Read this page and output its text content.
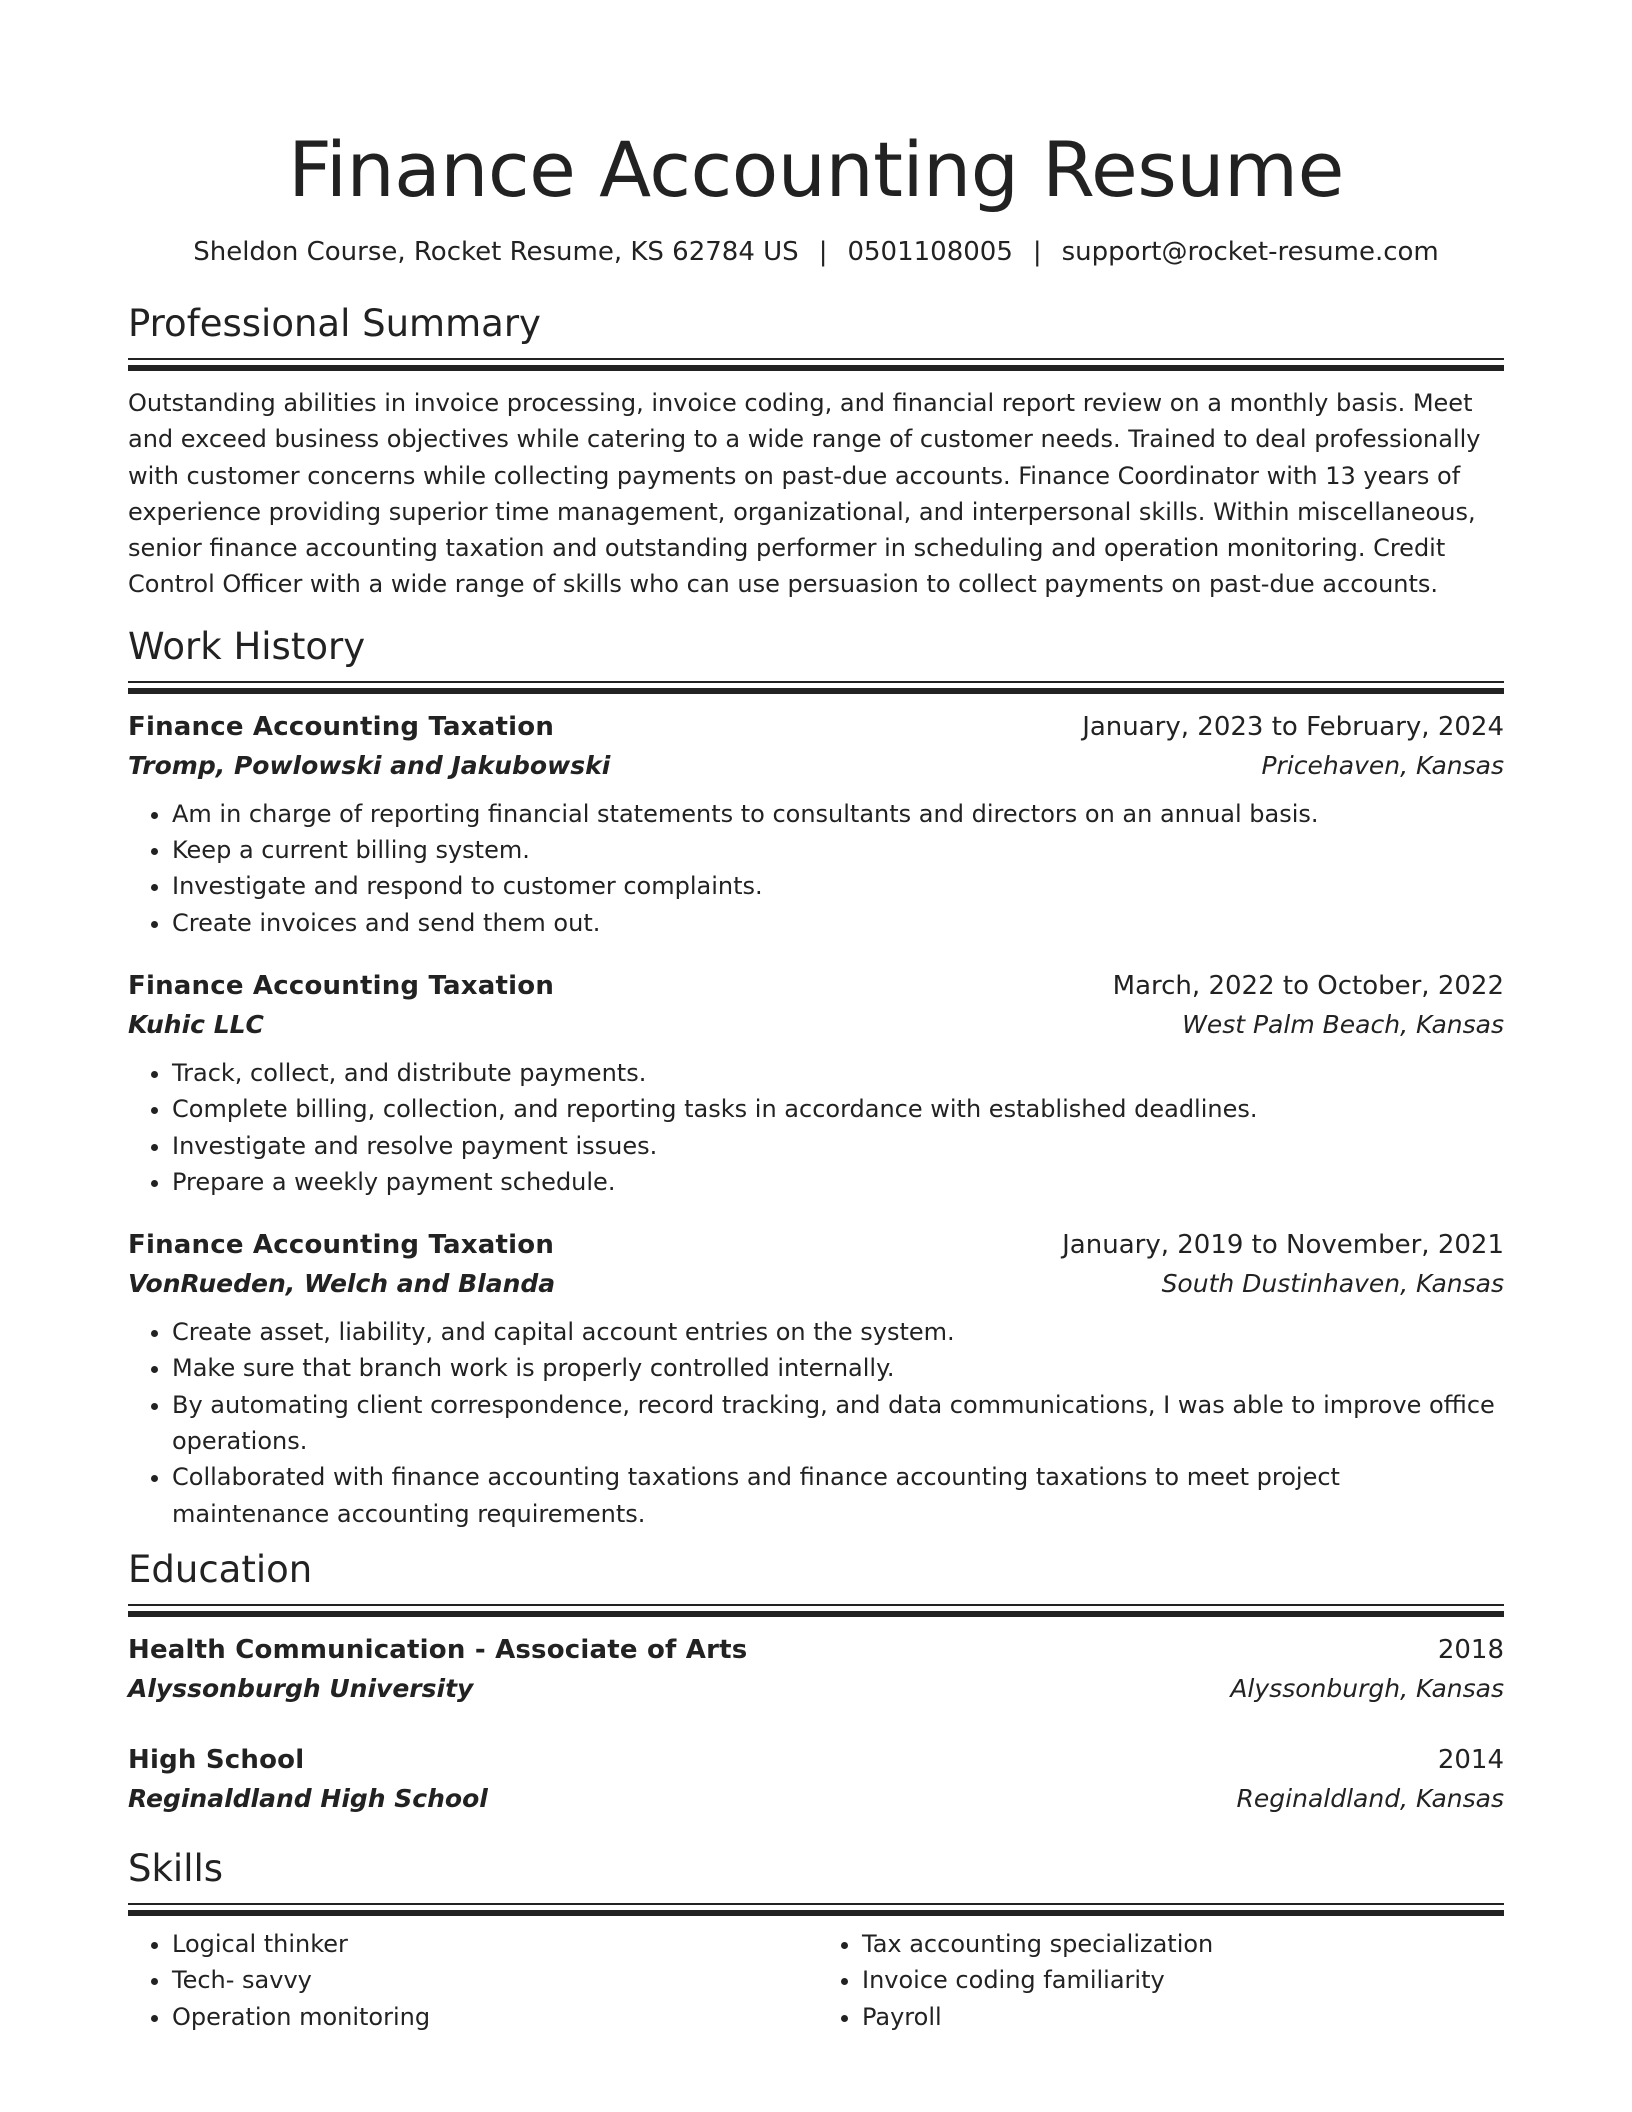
Finance Accounting Resume
Sheldon Course, Rocket Resume, KS 62784 US | 0501108005 | support@rocket-resume.com
Professional Summary

Outstanding abilities in invoice processing, invoice coding, and financial report review on a monthly basis. Meet and exceed business objectives while catering to a wide range of customer needs. Trained to deal professionally with customer concerns while collecting payments on past-due accounts. Finance Coordinator with 13 years of experience providing superior time management, organizational, and interpersonal skills. Within miscellaneous, senior finance accounting taxation and outstanding performer in scheduling and operation monitoring. Credit Control Officer with a wide range of skills who can use persuasion to collect payments on past-due accounts.

Work History
Finance Accounting Taxation	January, 2023 to February, 2024
Tromp, Powlowski and Jakubowski	Pricehaven, Kansas
• Am in charge of reporting financial statements to consultants and directors on an annual basis.
• Keep a current billing system.
• Investigate and respond to customer complaints.
• Create invoices and send them out.
Finance Accounting Taxation	March, 2022 to October, 2022
Kuhic LLC	West Palm Beach, Kansas
• Track, collect, and distribute payments.
• Complete billing, collection, and reporting tasks in accordance with established deadlines.
• Investigate and resolve payment issues.
• Prepare a weekly payment schedule.
Finance Accounting Taxation	January, 2019 to November, 2021
VonRueden, Welch and Blanda	South Dustinhaven, Kansas
• Create asset, liability, and capital account entries on the system.
• Make sure that branch work is properly controlled internally.
• By automating client correspondence, record tracking, and data communications, I was able to improve office operations.
• Collaborated with finance accounting taxations and finance accounting taxations to meet project maintenance accounting requirements.
Education
Health Communication - Associate of Arts	2018
Alyssonburgh University	Alyssonburgh, Kansas
High School	2014
Reginaldland High School	Reginaldland, Kansas
Skills
• Logical thinker
• Tech- savvy
• Operation monitoring
• Tax accounting specialization
• Invoice coding familiarity
• Payroll
